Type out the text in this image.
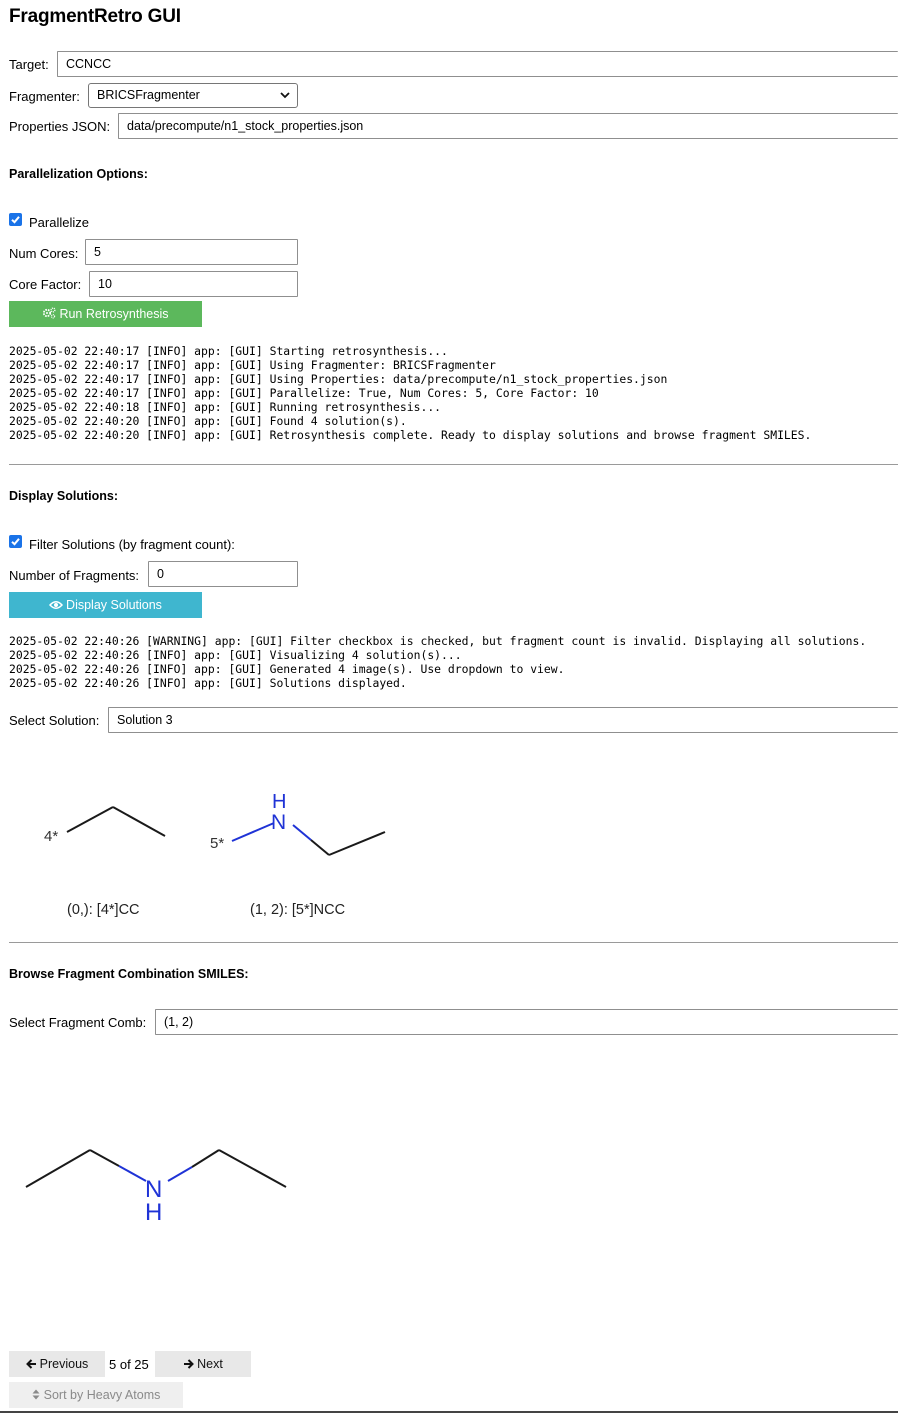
FragmentRetro GUI
Target:	CCNCC
Fragmenter:	BRICSFragmenter
Properties JSON:	data/precompute/n1_stock_properties.json
Parallelization Options:
Parallelize
Num Cores:	5
Core Factor:	10
Run Retrosynthesis
2025-05-02 22:40:17 [INFO] app: [GUI] Starting retrosynthesis...
2025-05-02 22:40:17 [INFO] app: [GUI] Using Fragmenter: BRICSFragmenter
2025-05-02 22:40:17 [INFO] app: [GUI] Using Properties: data/precompute/n1_stock_properties.json
2025-05-02 22:40:17 [INFO] app: [GUI] Parallelize: True, Num Cores: 5, Core Factor: 10
2025-05-02 22:40:18 [INFO] app: [GUI] Running retrosynthesis...
2025-05-02 22:40:20 [INFO] app: [GUI] Found 4 solution(s).
2025-05-02 22:40:20 [INFO] app: [GUI] Retrosynthesis complete. Ready to display solutions and browse fragment SMILES.
Display Solutions:
Filter Solutions (by fragment count):
Number of Fragments:	0
Display Solutions
2025-05-02 22:40:26 [WARNING] app: [GUI] Filter checkbox is checked, but fragment count is invalid. Displaying all solutions.
2025-05-02 22:40:26 [INFO] app: [GUI] Visualizing 4 solution(s)...
2025-05-02 22:40:26 [INFO] app: [GUI] Generated 4 image(s). Use dropdown to view.
2025-05-02 22:40:26 [INFO] app: [GUI] Solutions displayed.
Select Solution:	Solution 3
4*
(0,): [4*]CC
5*
H
N
(1, 2): [5*]NCC
Browse Fragment Combination SMILES:
Select Fragment Comb:	(1, 2)
N
H
Previous	5 of 25	Next
Sort by Heavy Atoms
